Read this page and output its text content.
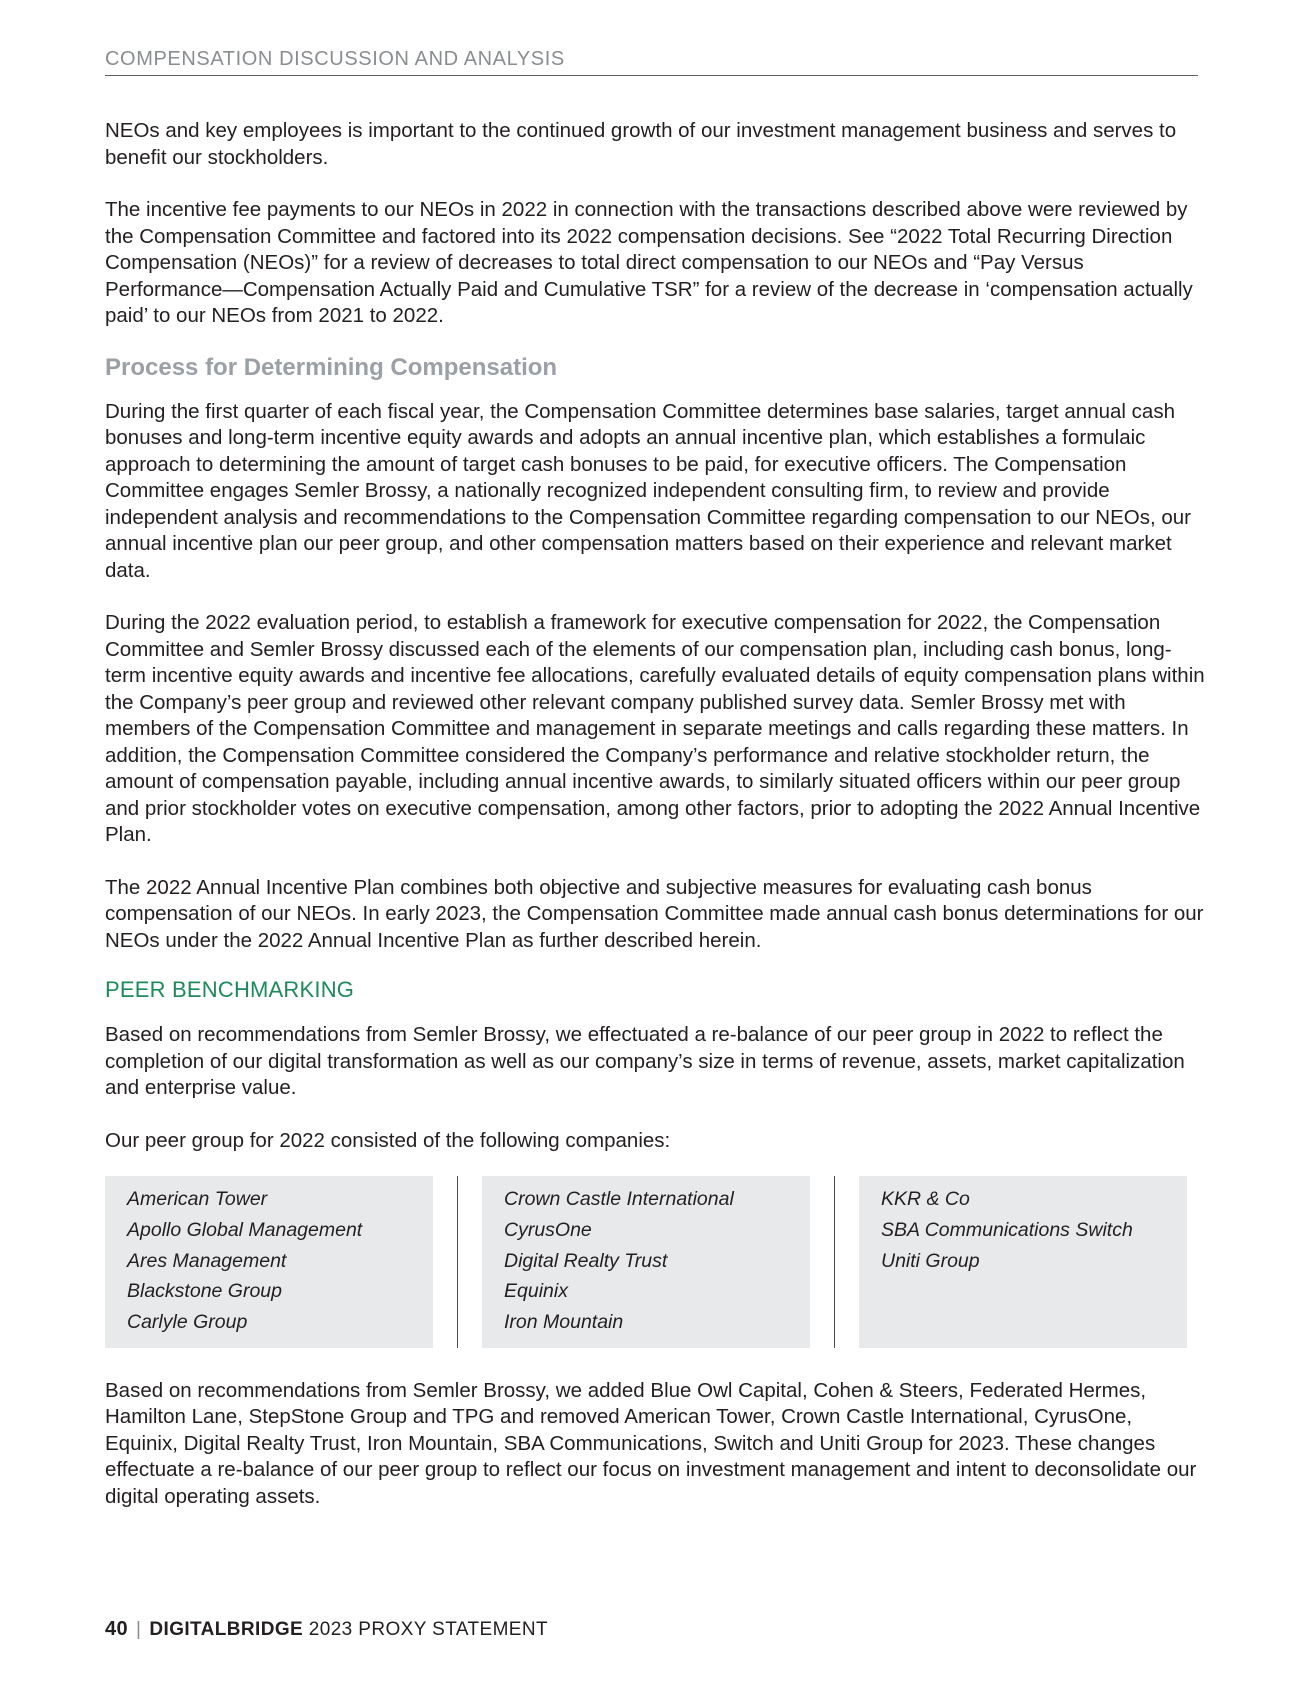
COMPENSATION DISCUSSION AND ANALYSIS

NEOs and key employees is important to the continued growth of our investment management business and serves to benefit our stockholders.

The incentive fee payments to our NEOs in 2022 in connection with the transactions described above were reviewed by the Compensation Committee and factored into its 2022 compensation decisions. See “2022 Total Recurring Direction Compensation (NEOs)” for a review of decreases to total direct compensation to our NEOs and “Pay Versus Performance—Compensation Actually Paid and Cumulative TSR” for a review of the decrease in ‘compensation actually paid’ to our NEOs from 2021 to 2022.

Process for Determining Compensation

During the first quarter of each fiscal year, the Compensation Committee determines base salaries, target annual cash bonuses and long-term incentive equity awards and adopts an annual incentive plan, which establishes a formulaic approach to determining the amount of target cash bonuses to be paid, for executive officers. The Compensation Committee engages Semler Brossy, a nationally recognized independent consulting firm, to review and provide independent analysis and recommendations to the Compensation Committee regarding compensation to our NEOs, our annual incentive plan our peer group, and other compensation matters based on their experience and relevant market data.

During the 2022 evaluation period, to establish a framework for executive compensation for 2022, the Compensation Committee and Semler Brossy discussed each of the elements of our compensation plan, including cash bonus, long-term incentive equity awards and incentive fee allocations, carefully evaluated details of equity compensation plans within the Company’s peer group and reviewed other relevant company published survey data. Semler Brossy met with members of the Compensation Committee and management in separate meetings and calls regarding these matters. In addition, the Compensation Committee considered the Company’s performance and relative stockholder return, the amount of compensation payable, including annual incentive awards, to similarly situated officers within our peer group and prior stockholder votes on executive compensation, among other factors, prior to adopting the 2022 Annual Incentive Plan.

The 2022 Annual Incentive Plan combines both objective and subjective measures for evaluating cash bonus compensation of our NEOs. In early 2023, the Compensation Committee made annual cash bonus determinations for our NEOs under the 2022 Annual Incentive Plan as further described herein.

PEER BENCHMARKING

Based on recommendations from Semler Brossy, we effectuated a re-balance of our peer group in 2022 to reflect the completion of our digital transformation as well as our company’s size in terms of revenue, assets, market capitalization and enterprise value.

Our peer group for 2022 consisted of the following companies:

American Tower
Apollo Global Management
Ares Management
Blackstone Group
Carlyle Group
Crown Castle International
CyrusOne
Digital Realty Trust
Equinix
Iron Mountain
KKR & Co
SBA Communications Switch
Uniti Group

Based on recommendations from Semler Brossy, we added Blue Owl Capital, Cohen & Steers, Federated Hermes, Hamilton Lane, StepStone Group and TPG and removed American Tower, Crown Castle International, CyrusOne, Equinix, Digital Realty Trust, Iron Mountain, SBA Communications, Switch and Uniti Group for 2023. These changes effectuate a re-balance of our peer group to reflect our focus on investment management and intent to deconsolidate our digital operating assets.

40 | DIGITALBRIDGE 2023 PROXY STATEMENT
